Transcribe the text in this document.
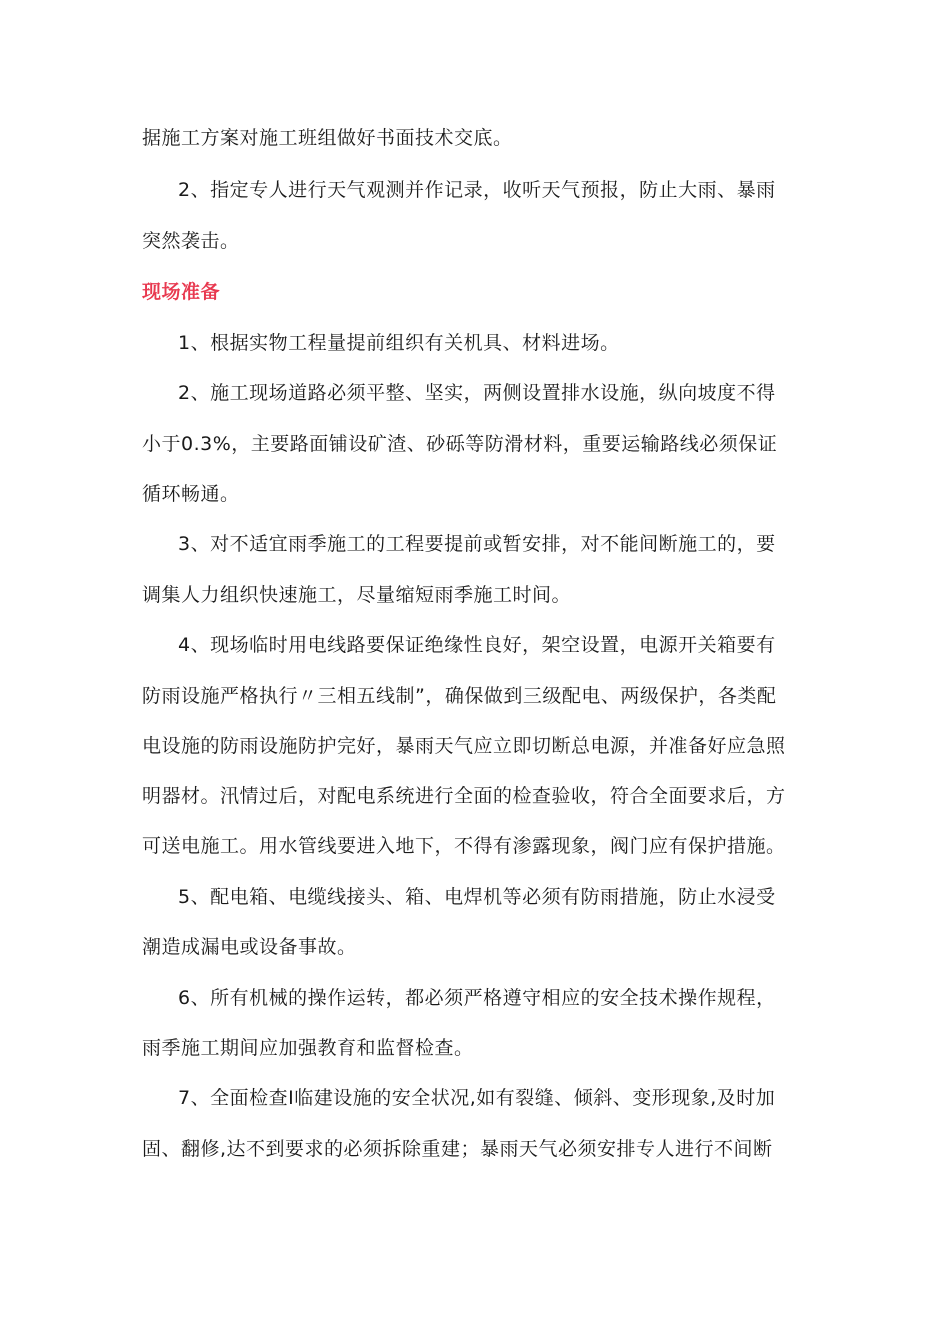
据施工方案对施工班组做好书面技术交底。
2、指定专人进行天气观测并作记录，收听天气预报，防止大雨、暴雨
突然袭击。
现场准备
1、根据实物工程量提前组织有关机具、材料进场。
2、施工现场道路必须平整、坚实，两侧设置排水设施，纵向坡度不得
小于0.3%，主要路面铺设矿渣、砂砾等防滑材料，重要运输路线必须保证
循环畅通。
3、对不适宜雨季施工的工程要提前或暂安排，对不能间断施工的，要
调集人力组织快速施工，尽量缩短雨季施工时间。
4、现场临时用电线路要保证绝缘性良好，架空设置，电源开关箱要有
防雨设施严格执行〃三相五线制”，确保做到三级配电、两级保护，各类配
电设施的防雨设施防护完好，暴雨天气应立即切断总电源，并准备好应急照
明器材。汛情过后，对配电系统进行全面的检查验收，符合全面要求后，方
可送电施工。用水管线要进入地下，不得有渗露现象，阀门应有保护措施。
5、配电箱、电缆线接头、箱、电焊机等必须有防雨措施，防止水浸受
潮造成漏电或设备事故。
6、所有机械的操作运转，都必须严格遵守相应的安全技术操作规程，
雨季施工期间应加强教育和监督检查。
7、全面检查I临建设施的安全状况,如有裂缝、倾斜、变形现象,及时加
固、翻修,达不到要求的必须拆除重建；暴雨天气必须安排专人进行不间断
